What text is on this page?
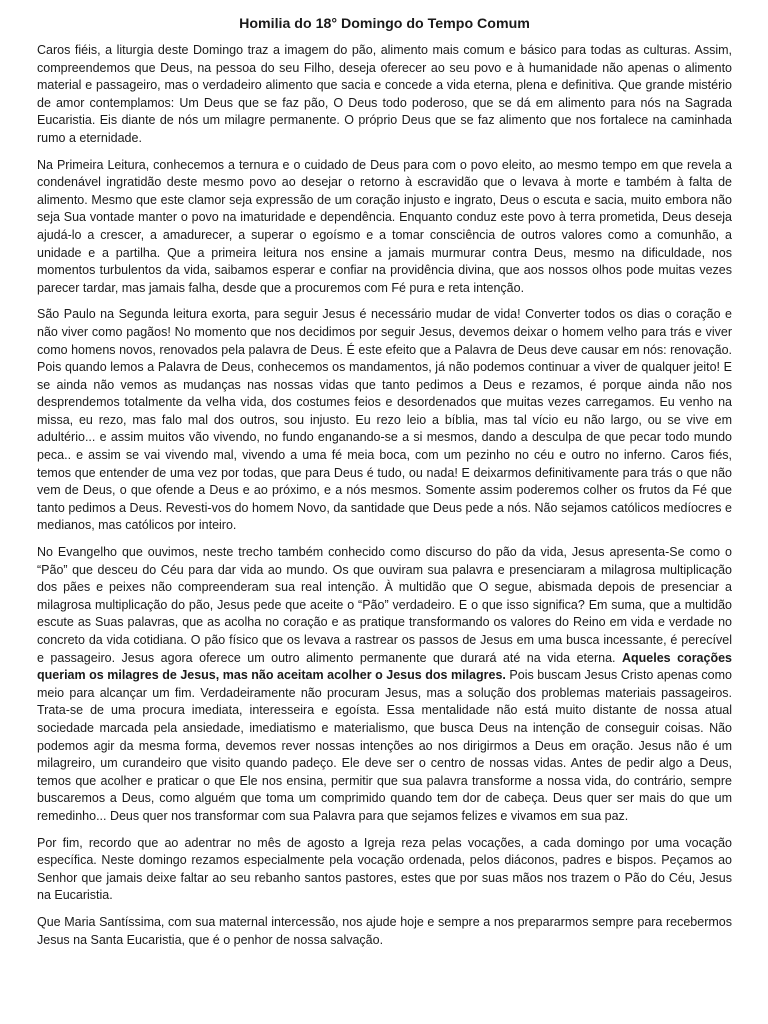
Homilia do 18° Domingo do Tempo Comum

Caros fiéis, a liturgia deste Domingo traz a imagem do pão, alimento mais comum e básico para todas as culturas. Assim, compreendemos que Deus, na pessoa do seu Filho, deseja oferecer ao seu povo e à humanidade não apenas o alimento material e passageiro, mas o verdadeiro alimento que sacia e concede a vida eterna, plena e definitiva. Que grande mistério de amor contemplamos: Um Deus que se faz pão, O Deus todo poderoso, que se dá em alimento para nós na Sagrada Eucaristia. Eis diante de nós um milagre permanente. O próprio Deus que se faz alimento que nos fortalece na caminhada rumo a eternidade.

Na Primeira Leitura, conhecemos a ternura e o cuidado de Deus para com o povo eleito, ao mesmo tempo em que revela a condenável ingratidão deste mesmo povo ao desejar o retorno à escravidão que o levava à morte e também à falta de alimento. Mesmo que este clamor seja expressão de um coração injusto e ingrato, Deus o escuta e sacia, muito embora não seja Sua vontade manter o povo na imaturidade e dependência. Enquanto conduz este povo à terra prometida, Deus deseja ajudá-lo a crescer, a amadurecer, a superar o egoísmo e a tomar consciência de outros valores como a comunhão, a unidade e a partilha. Que a primeira leitura nos ensine a jamais murmurar contra Deus, mesmo na dificuldade, nos momentos turbulentos da vida, saibamos esperar e confiar na providência divina, que aos nossos olhos pode muitas vezes parecer tardar, mas jamais falha, desde que a procuremos com Fé pura e reta intenção.

São Paulo na Segunda leitura exorta, para seguir Jesus é necessário mudar de vida! Converter todos os dias o coração e não viver como pagãos! No momento que nos decidimos por seguir Jesus, devemos deixar o homem velho para trás e viver como homens novos, renovados pela palavra de Deus. É este efeito que a Palavra de Deus deve causar em nós: renovação. Pois quando lemos a Palavra de Deus, conhecemos os mandamentos, já não podemos continuar a viver de qualquer jeito! E se ainda não vemos as mudanças nas nossas vidas que tanto pedimos a Deus e rezamos, é porque ainda não nos desprendemos totalmente da velha vida, dos costumes feios e desordenados que muitas vezes carregamos. Eu venho na missa, eu rezo, mas falo mal dos outros, sou injusto. Eu rezo leio a bíblia, mas tal vício eu não largo, ou se vive em adultério... e assim muitos vão vivendo, no fundo enganando-se a si mesmos, dando a desculpa de que pecar todo mundo peca.. e assim se vai vivendo mal, vivendo a uma fé meia boca, com um pezinho no céu e outro no inferno. Caros fiés, temos que entender de uma vez por todas, que para Deus é tudo, ou nada! E deixarmos definitivamente para trás o que não vem de Deus, o que ofende a Deus e ao próximo, e a nós mesmos. Somente assim poderemos colher os frutos da Fé que tanto pedimos a Deus. Revesti-vos do homem Novo, da santidade que Deus pede a nós. Não sejamos católicos medíocres e medianos, mas católicos por inteiro.

No Evangelho que ouvimos, neste trecho também conhecido como discurso do pão da vida, Jesus apresenta-Se como o “Pão” que desceu do Céu para dar vida ao mundo. Os que ouviram sua palavra e presenciaram a milagrosa multiplicação dos pães e peixes não compreenderam sua real intenção. À multidão que O segue, abismada depois de presenciar a milagrosa multiplicação do pão, Jesus pede que aceite o “Pão” verdadeiro. E o que isso significa? Em suma, que a multidão escute as Suas palavras, que as acolha no coração e as pratique transformando os valores do Reino em vida e verdade no concreto da vida cotidiana. O pão físico que os levava a rastrear os passos de Jesus em uma busca incessante, é perecível e passageiro. Jesus agora oferece um outro alimento permanente que durará até na vida eterna. Aqueles corações queriam os milagres de Jesus, mas não aceitam acolher o Jesus dos milagres. Pois buscam Jesus Cristo apenas como meio para alcançar um fim. Verdadeiramente não procuram Jesus, mas a solução dos problemas materiais passageiros. Trata-se de uma procura imediata, interesseira e egoísta. Essa mentalidade não está muito distante de nossa atual sociedade marcada pela ansiedade, imediatismo e materialismo, que busca Deus na intenção de conseguir coisas. Não podemos agir da mesma forma, devemos rever nossas intenções ao nos dirigirmos a Deus em oração. Jesus não é um milagreiro, um curandeiro que visito quando padeço. Ele deve ser o centro de nossas vidas. Antes de pedir algo a Deus, temos que acolher e praticar o que Ele nos ensina, permitir que sua palavra transforme a nossa vida, do contrário, sempre buscaremos a Deus, como alguém que toma um comprimido quando tem dor de cabeça. Deus quer ser mais do que um remedinho... Deus quer nos transformar com sua Palavra para que sejamos felizes e vivamos em sua paz.

Por fim, recordo que ao adentrar no mês de agosto a Igreja reza pelas vocações, a cada domingo por uma vocação específica. Neste domingo rezamos especialmente pela vocação ordenada, pelos diáconos, padres e bispos. Peçamos ao Senhor que jamais deixe faltar ao seu rebanho santos pastores, estes que por suas mãos nos trazem o Pão do Céu, Jesus na Eucaristia.

Que Maria Santíssima, com sua maternal intercessão, nos ajude hoje e sempre a nos prepararmos sempre para recebermos Jesus na Santa Eucaristia, que é o penhor de nossa salvação.
